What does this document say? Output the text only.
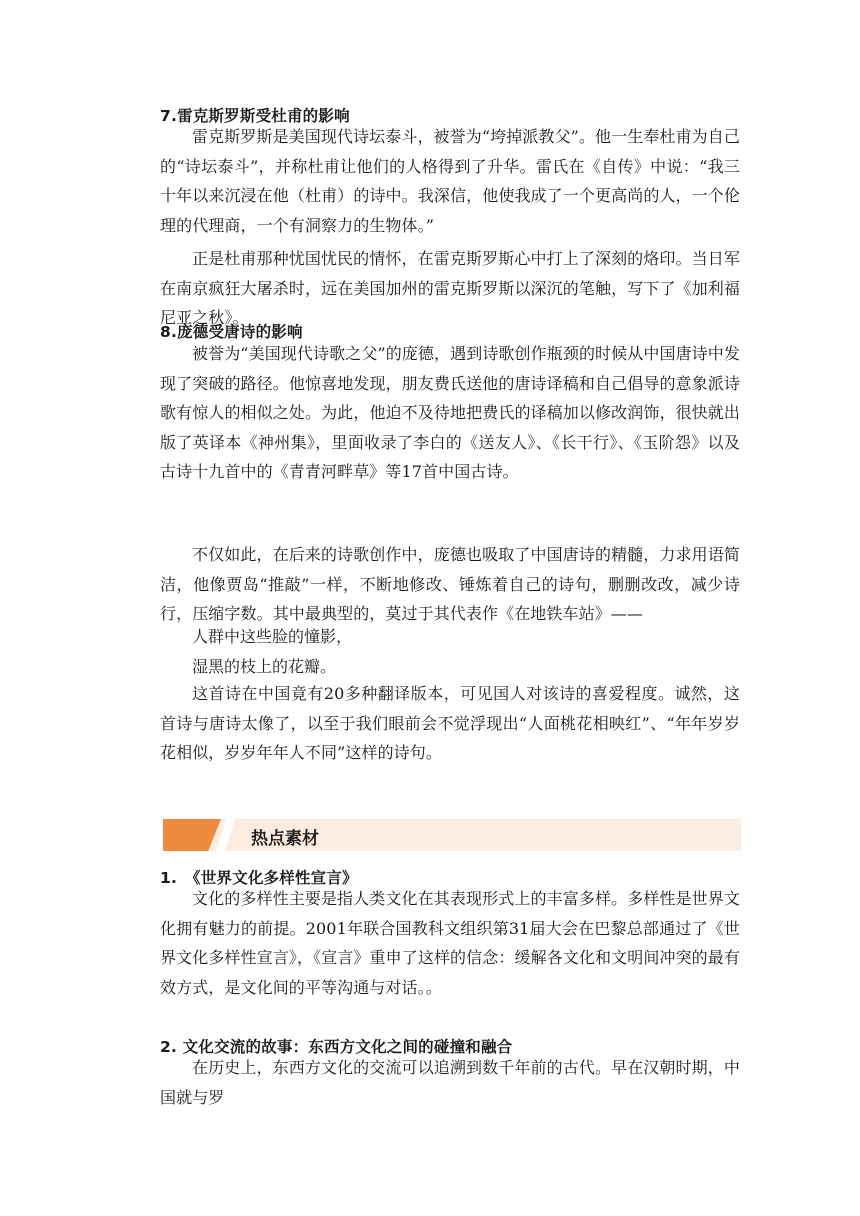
7.雷克斯罗斯受杜甫的影响

雷克斯罗斯是美国现代诗坛泰斗，被誉为“垮掉派教父”。他一生奉杜甫为自己的“诗坛泰斗”，并称杜甫让他们的人格得到了升华。雷氏在《自传》中说：“我三十年以来沉浸在他（杜甫）的诗中。我深信，他使我成了一个更高尚的人，一个伦理的代理商，一个有洞察力的生物体。”

正是杜甫那种忧国忧民的情怀，在雷克斯罗斯心中打上了深刻的烙印。当日军在南京疯狂大屠杀时，远在美国加州的雷克斯罗斯以深沉的笔触，写下了《加利福尼亚之秋》。

8.庞德受唐诗的影响

被誉为“美国现代诗歌之父”的庞德，遇到诗歌创作瓶颈的时候从中国唐诗中发现了突破的路径。他惊喜地发现，朋友费氏送他的唐诗译稿和自己倡导的意象派诗歌有惊人的相似之处。为此，他迫不及待地把费氏的译稿加以修改润饰，很快就出版了英译本《神州集》，里面收录了李白的《送友人》、《长干行》、《玉阶怨》以及古诗十九首中的《青青河畔草》等17首中国古诗。

不仅如此，在后来的诗歌创作中，庞德也吸取了中国唐诗的精髓，力求用语简洁，他像贾岛“推敲”一样，不断地修改、锤炼着自己的诗句，删删改改，减少诗行，压缩字数。其中最典型的，莫过于其代表作《在地铁车站》——

人群中这些脸的憧影，
湿黑的枝上的花瓣。

这首诗在中国竟有20多种翻译版本，可见国人对该诗的喜爱程度。诚然，这首诗与唐诗太像了，以至于我们眼前会不觉浮现出“人面桃花相映红”、“年年岁岁花相似，岁岁年年人不同”这样的诗句。

热点素材
1.　《世界文化多样性宣言》

文化的多样性主要是指人类文化在其表现形式上的丰富多样。多样性是世界文化拥有魅力的前提。2001年联合国教科文组织第31届大会在巴黎总部通过了《世界文化多样性宣言》，《宣言》重申了这样的信念：缓解各文化和文明间冲突的最有效方式，是文化间的平等沟通与对话。。

2. 文化交流的故事：东西方文化之间的碰撞和融合

在历史上，东西方文化的交流可以追溯到数千年前的古代。早在汉朝时期，中国就与罗
